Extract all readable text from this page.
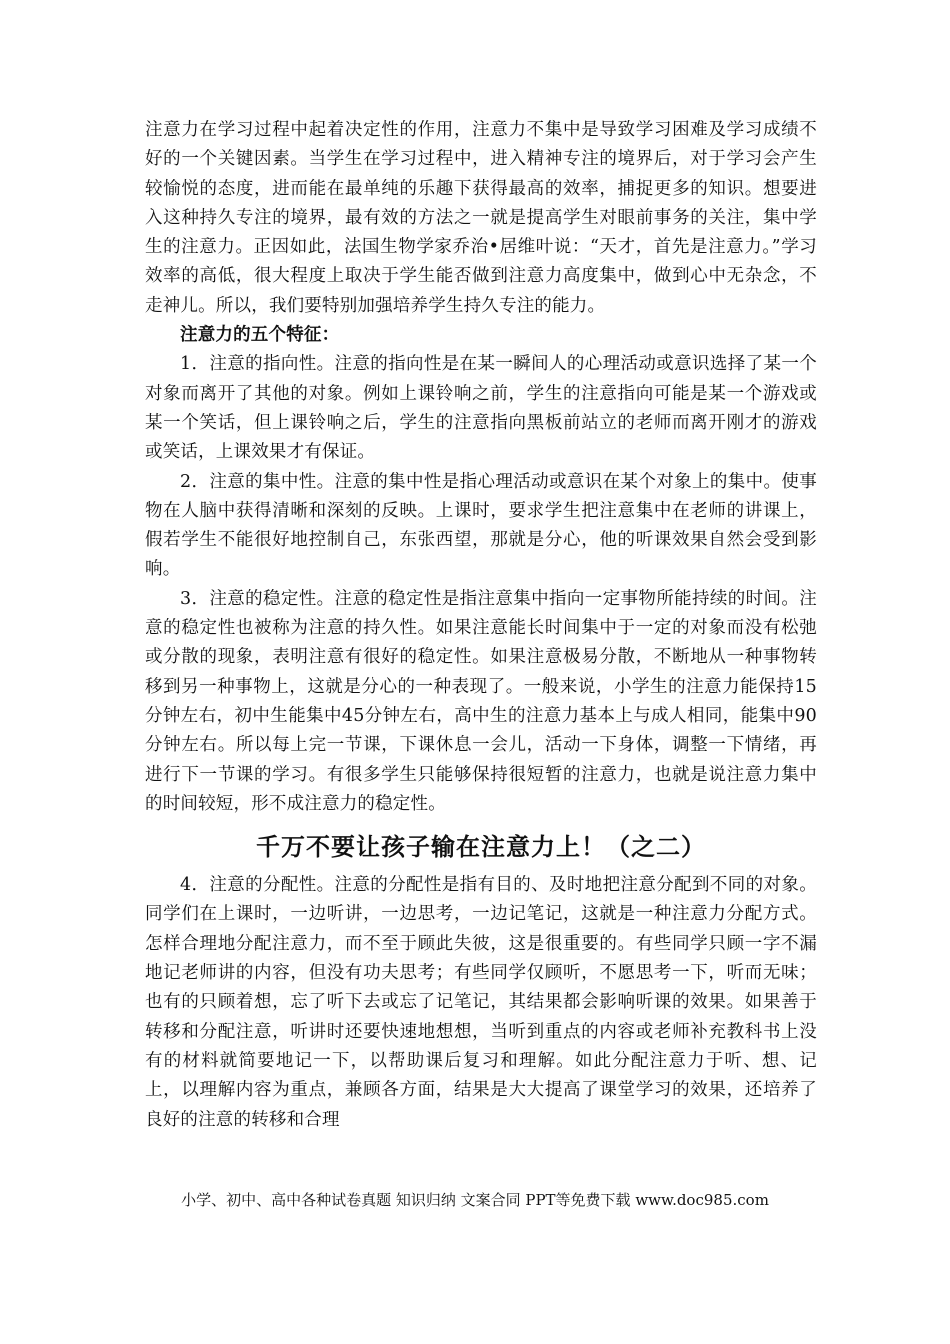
注意力在学习过程中起着决定性的作用，注意力不集中是导致学习困难及学习成绩不好的一个关键因素。当学生在学习过程中，进入精神专注的境界后，对于学习会产生较愉悦的态度，进而能在最单纯的乐趣下获得最高的效率，捕捉更多的知识。想要进入这种持久专注的境界，最有效的方法之一就是提高学生对眼前事务的关注，集中学生的注意力。正因如此，法国生物学家乔治•居维叶说：“天才，首先是注意力。”学习效率的高低，很大程度上取决于学生能否做到注意力高度集中，做到心中无杂念，不走神儿。所以，我们要特别加强培养学生持久专注的能力。

注意力的五个特征：

1．注意的指向性。注意的指向性是在某一瞬间人的心理活动或意识选择了某一个对象而离开了其他的对象。例如上课铃响之前，学生的注意指向可能是某一个游戏或某一个笑话，但上课铃响之后，学生的注意指向黑板前站立的老师而离开刚才的游戏或笑话，上课效果才有保证。

2．注意的集中性。注意的集中性是指心理活动或意识在某个对象上的集中。使事物在人脑中获得清晰和深刻的反映。上课时，要求学生把注意集中在老师的讲课上，假若学生不能很好地控制自己，东张西望，那就是分心，他的听课效果自然会受到影响。

3．注意的稳定性。注意的稳定性是指注意集中指向一定事物所能持续的时间。注意的稳定性也被称为注意的持久性。如果注意能长时间集中于一定的对象而没有松弛或分散的现象，表明注意有很好的稳定性。如果注意极易分散，不断地从一种事物转移到另一种事物上，这就是分心的一种表现了。一般来说，小学生的注意力能保持15分钟左右，初中生能集中45分钟左右，高中生的注意力基本上与成人相同，能集中90分钟左右。所以每上完一节课，下课休息一会儿，活动一下身体，调整一下情绪，再进行下一节课的学习。有很多学生只能够保持很短暂的注意力，也就是说注意力集中的时间较短，形不成注意力的稳定性。

千万不要让孩子输在注意力上！（之二）

4．注意的分配性。注意的分配性是指有目的、及时地把注意分配到不同的对象。同学们在上课时，一边听讲，一边思考，一边记笔记，这就是一种注意力分配方式。怎样合理地分配注意力，而不至于顾此失彼，这是很重要的。有些同学只顾一字不漏地记老师讲的内容，但没有功夫思考；有些同学仅顾听，不愿思考一下，听而无味；也有的只顾着想，忘了听下去或忘了记笔记，其结果都会影响听课的效果。如果善于转移和分配注意，听讲时还要快速地想想，当听到重点的内容或老师补充教科书上没有的材料就简要地记一下，以帮助课后复习和理解。如此分配注意力于听、想、记上，以理解内容为重点，兼顾各方面，结果是大大提高了课堂学习的效果，还培养了良好的注意的转移和合理

小学、初中、高中各种试卷真题 知识归纳 文案合同 PPT等免费下载 www.doc985.com
